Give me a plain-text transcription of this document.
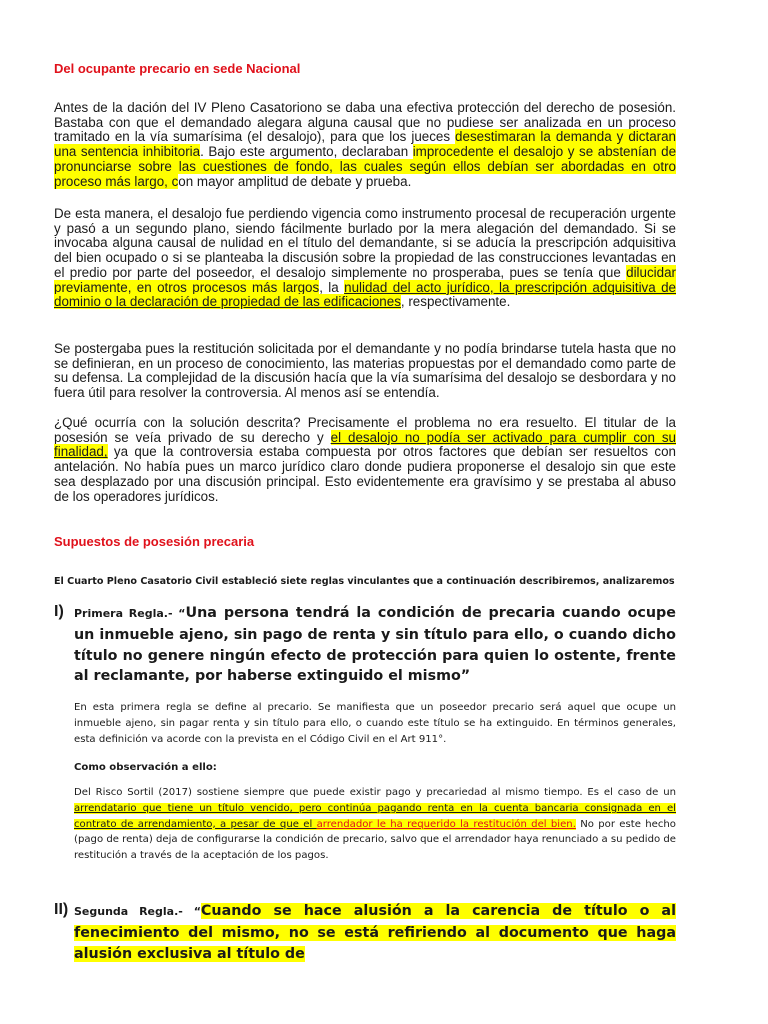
Del ocupante precario en sede Nacional

Antes de la dación del IV Pleno Casatoriono se daba una efectiva protección del derecho de posesión. Bastaba con que el demandado alegara alguna causal que no pudiese ser analizada en un proceso tramitado en la vía sumarísima (el desalojo), para que los jueces desestimaran la demanda y dictaran una sentencia inhibitoria. Bajo este argumento, declaraban improcedente el desalojo y se abstenían de pronunciarse sobre las cuestiones de fondo, las cuales según ellos debían ser abordadas en otro proceso más largo, con mayor amplitud de debate y prueba.

De esta manera, el desalojo fue perdiendo vigencia como instrumento procesal de recuperación urgente y pasó a un segundo plano, siendo fácilmente burlado por la mera alegación del demandado. Si se invocaba alguna causal de nulidad en el título del demandante, si se aducía la prescripción adquisitiva del bien ocupado o si se planteaba la discusión sobre la propiedad de las construcciones levantadas en el predio por parte del poseedor, el desalojo simplemente no prosperaba, pues se tenía que dilucidar previamente, en otros procesos más largos, la nulidad del acto jurídico, la prescripción adquisitiva de dominio o la declaración de propiedad de las edificaciones, respectivamente.

Se postergaba pues la restitución solicitada por el demandante y no podía brindarse tutela hasta que no se definieran, en un proceso de conocimiento, las materias propuestas por el demandado como parte de su defensa. La complejidad de la discusión hacía que la vía sumarísima del desalojo se desbordara y no fuera útil para resolver la controversia. Al menos así se entendía.

¿Qué ocurría con la solución descrita? Precisamente el problema no era resuelto. El titular de la posesión se veía privado de su derecho y el desalojo no podía ser activado para cumplir con su finalidad, ya que la controversia estaba compuesta por otros factores que debían ser resueltos con antelación. No había pues un marco jurídico claro donde pudiera proponerse el desalojo sin que este sea desplazado por una discusión principal. Esto evidentemente era gravísimo y se prestaba al abuso de los operadores jurídicos.

Supuestos de posesión precaria

El Cuarto Pleno Casatorio Civil estableció siete reglas vinculantes que a continuación describiremos, analizaremos

I) Primera Regla.- “Una persona tendrá la condición de precaria cuando ocupe un inmueble ajeno, sin pago de renta y sin título para ello, o cuando dicho título no genere ningún efecto de protección para quien lo ostente, frente al reclamante, por haberse extinguido el mismo”

En esta primera regla se define al precario. Se manifiesta que un poseedor precario será aquel que ocupe un inmueble ajeno, sin pagar renta y sin título para ello, o cuando este título se ha extinguido. En términos generales, esta definición va acorde con la prevista en el Código Civil en el Art 911°.

Como observación a ello:

Del Risco Sortil (2017) sostiene siempre que puede existir pago y precariedad al mismo tiempo. Es el caso de un arrendatario que tiene un título vencido, pero continúa pagando renta en la cuenta bancaria consignada en el contrato de arrendamiento, a pesar de que el arrendador le ha requerido la restitución del bien. No por este hecho (pago de renta) deja de configurarse la condición de precario, salvo que el arrendador haya renunciado a su pedido de restitución a través de la aceptación de los pagos.

II) Segunda Regla.- “Cuando se hace alusión a la carencia de título o al fenecimiento del mismo, no se está refiriendo al documento que haga alusión exclusiva al título de
